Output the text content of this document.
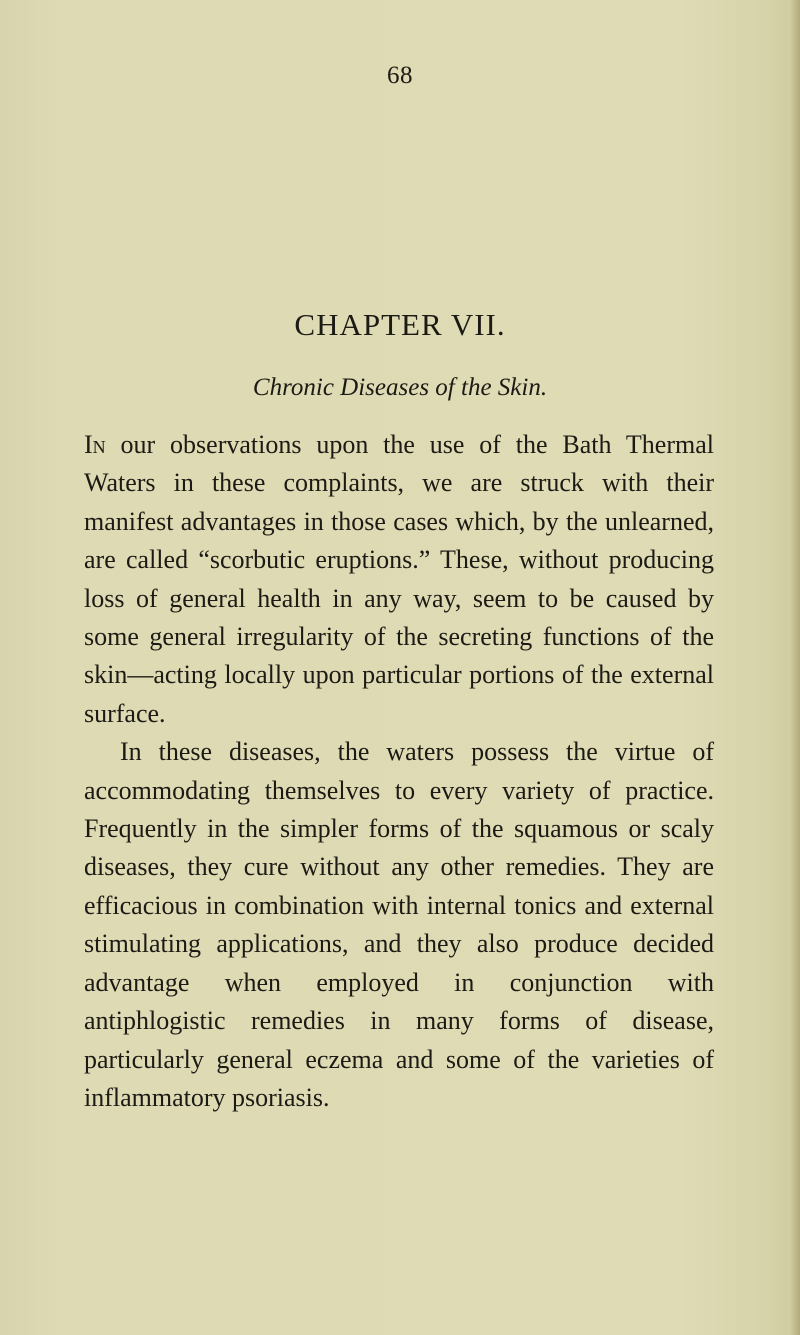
68
CHAPTER VII.
Chronic Diseases of the Skin.

In our observations upon the use of the Bath Thermal Waters in these complaints, we are struck with their manifest advantages in those cases which, by the unlearned, are called “scorbutic eruptions.” These, without producing loss of general health in any way, seem to be caused by some general irregularity of the secreting functions of the skin—acting locally upon particular portions of the external surface.

In these diseases, the waters possess the virtue of accommodating themselves to every variety of practice. Frequently in the simpler forms of the squamous or scaly diseases, they cure without any other remedies. They are efficacious in combination with internal tonics and external stimulating applications, and they also produce decided advantage when employed in conjunction with antiphlogistic remedies in many forms of disease, particularly general eczema and some of the varieties of inflammatory psoriasis.
